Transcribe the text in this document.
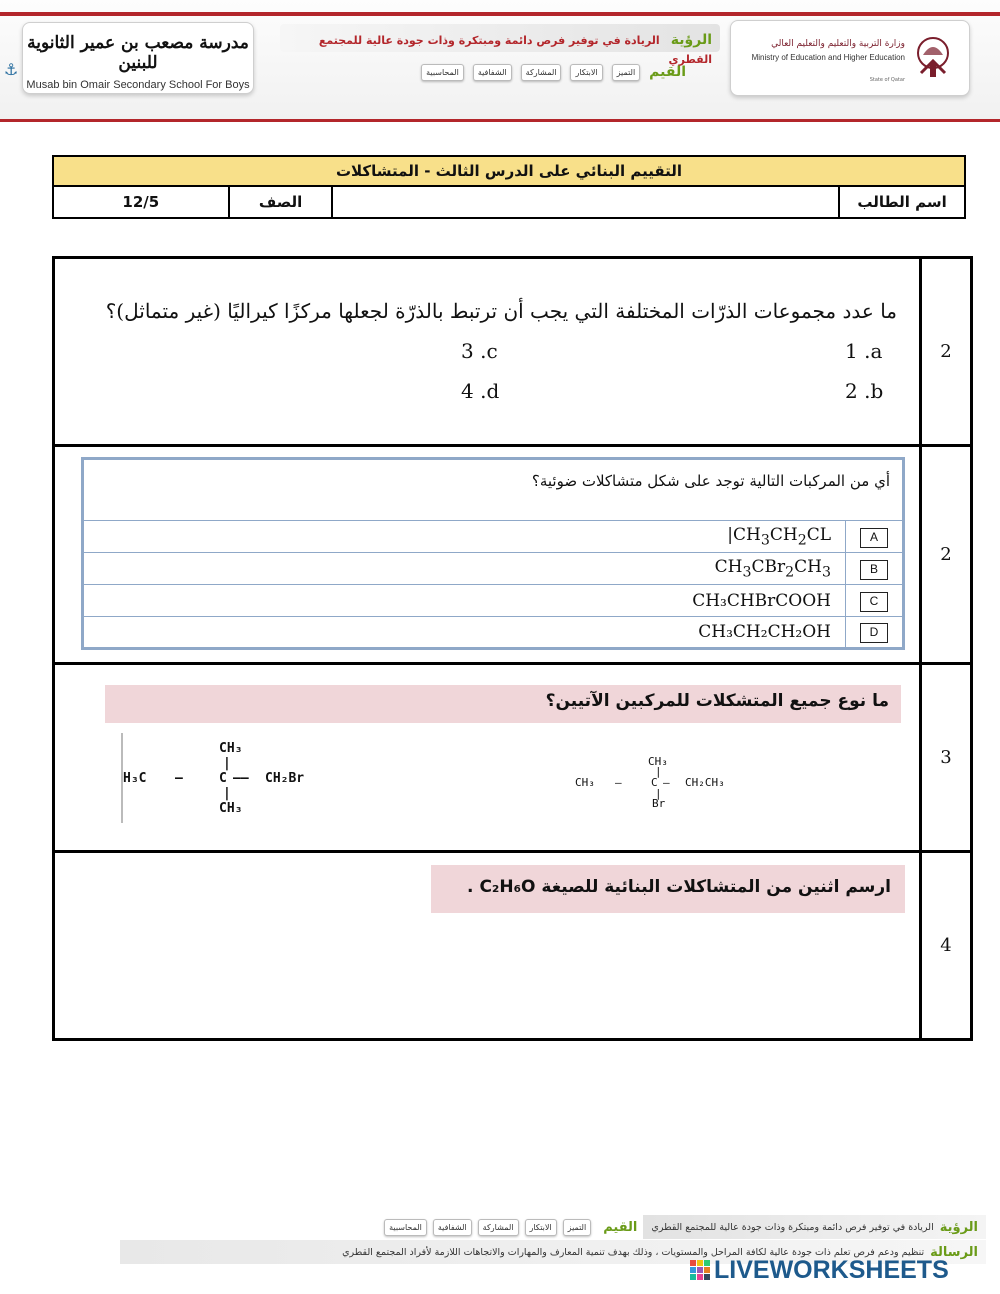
مدرسة مصعب بن عمير الثانوية للبنين
Musab bin Omair Secondary School For Boys
⚓
الرؤية الريادة في توفير فرص دائمة ومبتكرة وذات جودة عالية للمجتمع القطري
القيم
التميز
الابتكار
المشاركة
الشفافية
المحاسبية
وزارة التربية والتعليم والتعليم العالي
Ministry of Education and Higher Education
State of Qatar
التقييم البنائي على الدرس الثالث - المتشاكلات
12/5	الصف		اسم الطالب
ما عدد مجموعات الذرّات المختلفة التي يجب أن ترتبط بالذرّة لجعلها مركزًا كيراليًا (غير متماثل)؟
1 .a
2 .b
3 .c
4 .d
	2

أي من المركبات التالية توجد على شكل متشاكلات ضوئية؟
$|CH_3CH_2CL$	A
$CH_3CBr_2CH_3$	B
CH₃CHBrCOOH	C
CH₃CH₂CH₂OH	D
	2

ما نوع جميع المتشكلات للمركبين الآتيين؟
CH₃
H₃C —	C —— CH₂Br
|
|
CH₃
CH₃
CH₃ —	C — CH₂CH₃
|
|
Br
	3

ارسم اثنين من المتشاكلات البنائية للصيغة C₂H₆O .
	4
الرؤية
الريادة في توفير فرص دائمة ومبتكرة وذات جودة عالية للمجتمع القطري
القيم
التميز
الابتكار
المشاركة
الشفافية
المحاسبية
الرسالة
تنظيم ودعم فرص تعلم ذات جودة عالية لكافة المراحل والمستويات ، وذلك بهدف تنمية المعارف والمهارات والاتجاهات اللازمة لأفراد المجتمع القطري
LIVEWORKSHEETS
